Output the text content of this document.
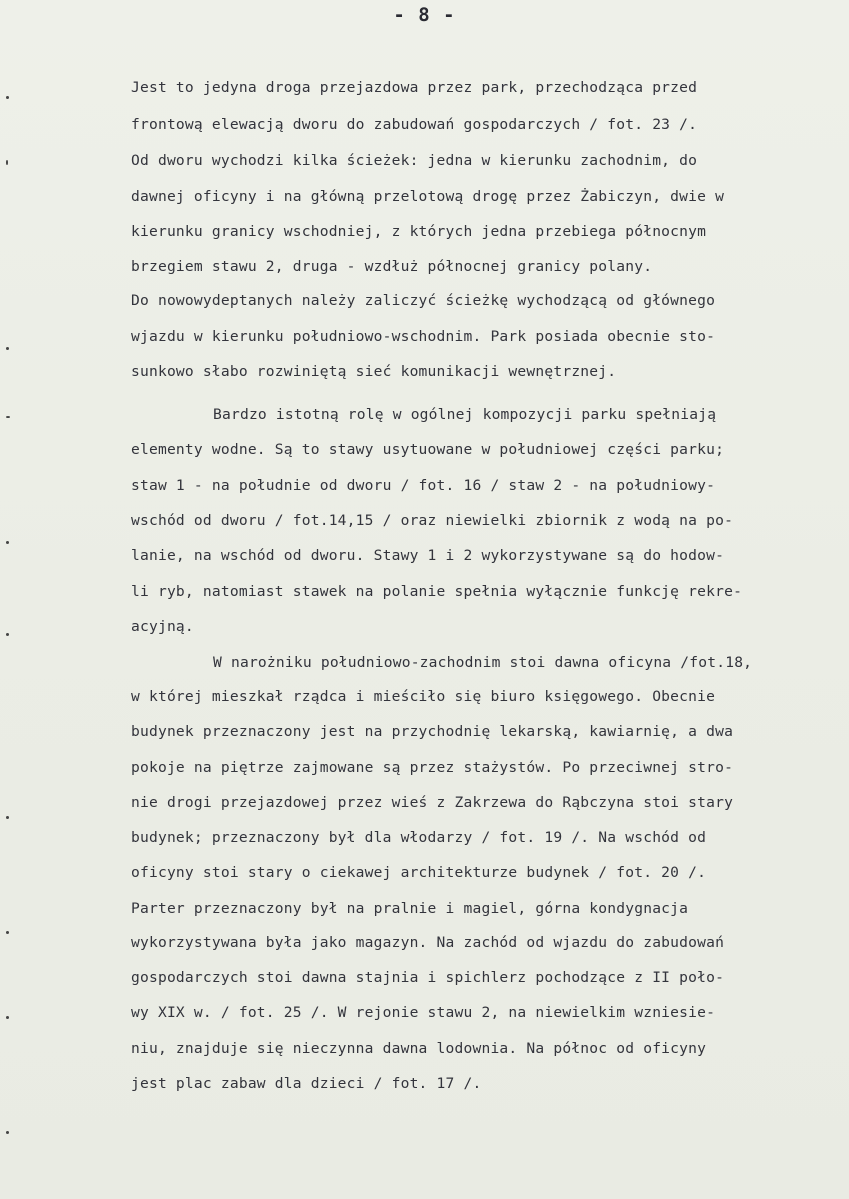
- 8 -
Jest to jedyna droga przejazdowa przez park, przechodząca przed
frontową elewacją dworu do zabudowań gospodarczych / fot. 23 /.
Od dworu wychodzi kilka ścieżek: jedna w kierunku zachodnim, do
dawnej oficyny i na główną przelotową drogę przez Żabiczyn, dwie w
kierunku granicy wschodniej, z których jedna przebiega północnym
brzegiem stawu 2, druga - wzdłuż północnej granicy polany.
Do nowowydeptanych należy zaliczyć ścieżkę wychodzącą od głównego
wjazdu w kierunku południowo-wschodnim. Park posiada obecnie sto-
sunkowo słabo rozwiniętą sieć komunikacji wewnętrznej.
Bardzo istotną rolę w ogólnej kompozycji parku spełniają
elementy wodne. Są to stawy usytuowane w południowej części parku;
staw 1 - na południe od dworu / fot. 16 / staw 2 - na południowy-
wschód od dworu / fot.14,15 / oraz niewielki zbiornik z wodą na po-
lanie, na wschód od dworu. Stawy 1 i 2 wykorzystywane są do hodow-
li ryb, natomiast stawek na polanie spełnia wyłącznie funkcję rekre-
acyjną.
W narożniku południowo-zachodnim stoi dawna oficyna /fot.18,
w której mieszkał rządca i mieściło się biuro księgowego. Obecnie
budynek przeznaczony jest na przychodnię lekarską, kawiarnię, a dwa
pokoje na piętrze zajmowane są przez stażystów. Po przeciwnej stro-
nie drogi przejazdowej przez wieś z Zakrzewa do Rąbczyna stoi stary
budynek; przeznaczony był dla włodarzy / fot. 19 /. Na wschód od
oficyny stoi stary o ciekawej architekturze budynek / fot. 20 /.
Parter przeznaczony był na pralnie i magiel, górna kondygnacja
wykorzystywana była jako magazyn. Na zachód od wjazdu do zabudowań
gospodarczych stoi dawna stajnia i spichlerz pochodzące z II poło-
wy XIX w. / fot. 25 /. W rejonie stawu 2, na niewielkim wzniesie-
niu, znajduje się nieczynna dawna lodownia. Na północ od oficyny
jest plac zabaw dla dzieci / fot. 17 /.
